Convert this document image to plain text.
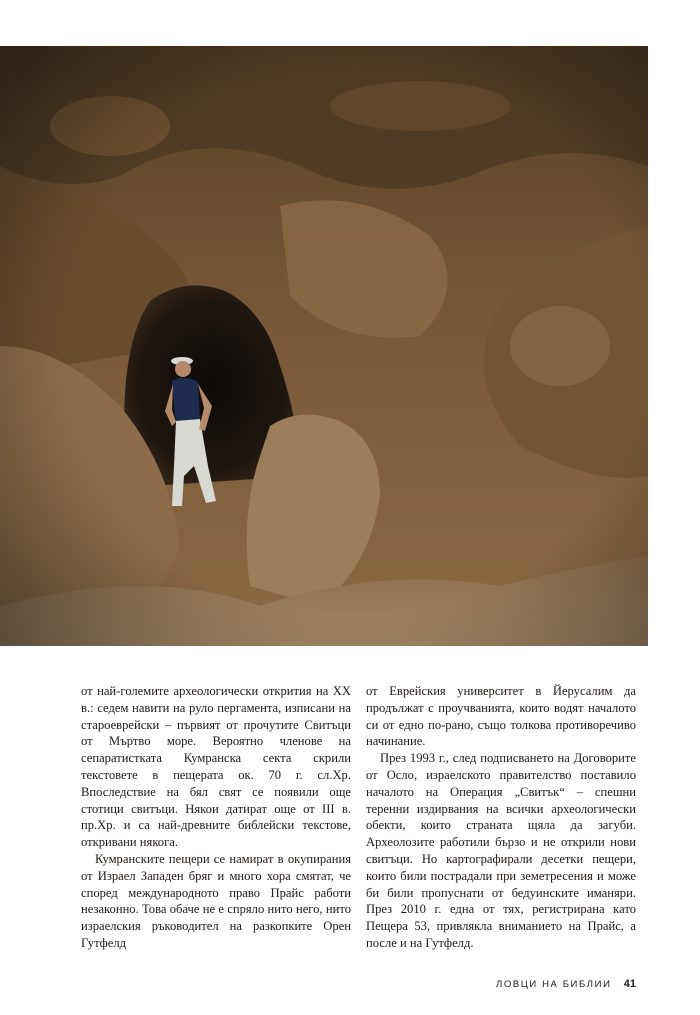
от най-големите археологически открития на XX в.: седем навити на руло пергамента, изписани на староеврейски – първият от прочутите Свитъци от Мъртво море. Вероятно членове на сепаратистката Кумранска секта скрили текстовете в пещерата ок. 70 г. сл.Хр. Впоследствие на бял свят се появили още стотици свитъци. Някои датират още от III в. пр.Хр. и са най-древните библейски текстове, откривани някога.

Кумранските пещери се намират в окупирания от Израел Западен бряг и много хора смятат, че според международното право Прайс работи незаконно. Това обаче не е спряло нито него, нито израелския ръководител на разкопките Орен Гутфелд

от Еврейския университет в Йерусалим да продължат с проучванията, които водят началото си от едно по-рано, също толкова противоречиво начинание.

През 1993 г., след подписването на Договорите от Осло, израелското правителство поставило началото на Операция „Свитък“ – спешни теренни издирвания на всички археологически обекти, които страната щяла да загуби. Археолозите работили бързо и не открили нови свитъци. Но картографирали десетки пещери, които били пострадали при земетресения и може би били пропуснати от бедуинските иманяри. През 2010 г. една от тях, регистрирана като Пещера 53, привлякла вниманието на Прайс, а после и на Гутфелд.

ЛОВЦИ НА БИБЛИИ 41
